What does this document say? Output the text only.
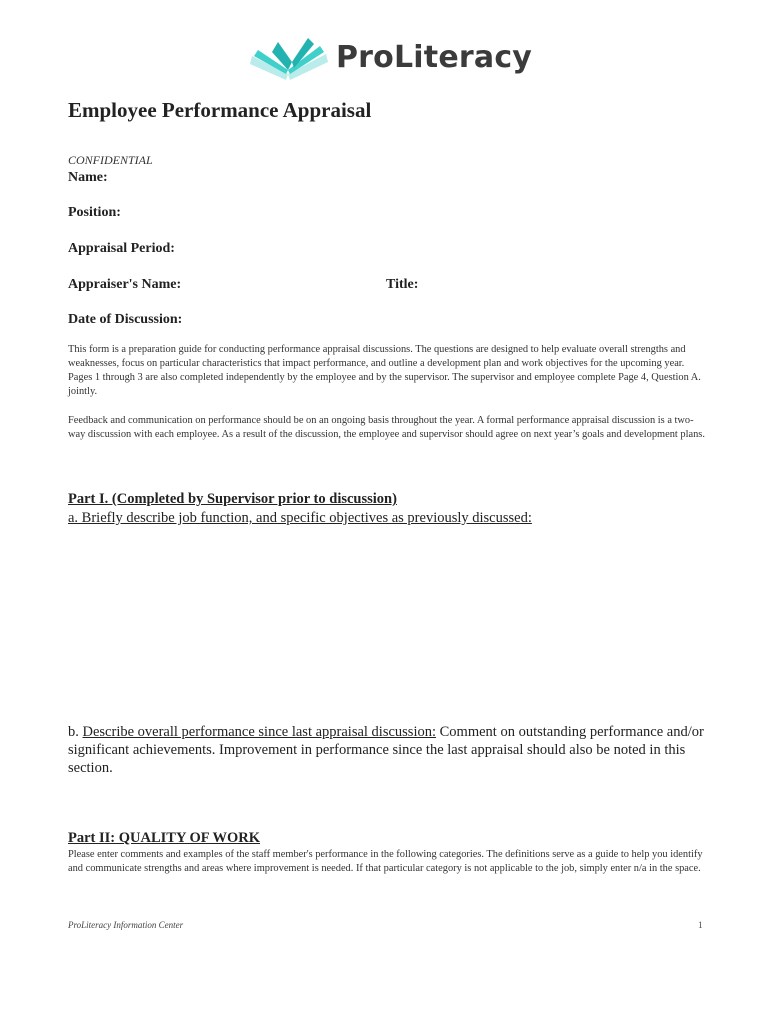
ProLiteracy
Employee Performance Appraisal
CONFIDENTIAL
Name:
Position:
Appraisal Period:
Appraiser's Name:	Title:
Date of Discussion:
This form is a preparation guide for conducting performance appraisal discussions. The questions are designed to help evaluate overall strengths and weaknesses, focus on particular characteristics that impact performance, and outline a development plan and work objectives for the upcoming year. Pages 1 through 3 are also completed independently by the employee and by the supervisor. The supervisor and employee complete Page 4, Question A. jointly.
Feedback and communication on performance should be on an ongoing basis throughout the year. A formal performance appraisal discussion is a two-way discussion with each employee. As a result of the discussion, the employee and supervisor should agree on next year’s goals and development plans.
Part I. (Completed by Supervisor prior to discussion)
a. Briefly describe job function, and specific objectives as previously discussed:
b. Describe overall performance since last appraisal discussion: Comment on outstanding performance and/or significant achievements. Improvement in performance since the last appraisal should also be noted in this section.
Part II: QUALITY OF WORK
Please enter comments and examples of the staff member's performance in the following categories. The definitions serve as a guide to help you identify and communicate strengths and areas where improvement is needed. If that particular category is not applicable to the job, simply enter n/a in the space.
ProLiteracy Information Center	1
